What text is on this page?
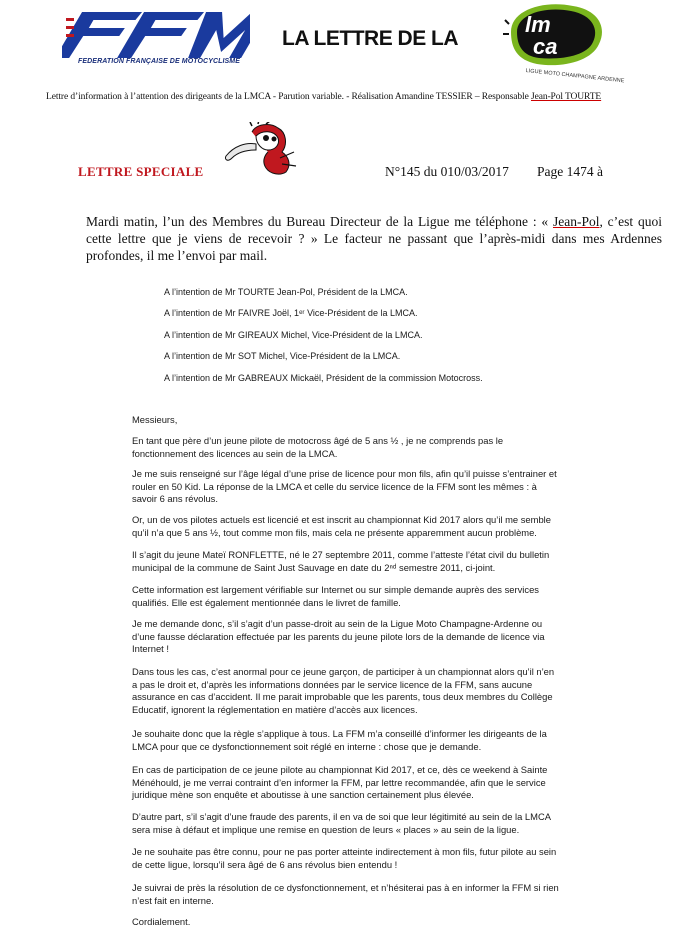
FEDERATION FRANÇAISE DE MOTOCYCLISME
LA LETTRE DE LA
lm
ca
LIGUE MOTO CHAMPAGNE ARDENNE
Lettre d’information à l’attention des dirigeants de la LMCA - Parution variable. - Réalisation Amandine TESSIER – Responsable Jean-Pol TOURTE
LETTRE SPECIALE	N°145 du 010/03/2017 Page 1474 à
Mardi matin, l’un des Membres du Bureau Directeur de la Ligue me téléphone : « Jean-Pol, c’est quoi cette lettre que je viens de recevoir ? » Le facteur ne passant que l’après-midi dans mes Ardennes profondes, il me l’envoi par mail.
A l’intention de Mr TOURTE Jean-Pol, Président de la LMCA.
A l’intention de Mr FAIVRE Joël, 1ᵉʳ Vice-Président de la LMCA.
A l’intention de Mr GIREAUX Michel, Vice-Président de la LMCA.
A l’intention de Mr SOT Michel, Vice-Président de la LMCA.
A l’intention de Mr GABREAUX Mickaël, Président de la commission Motocross.
Messieurs,
En tant que père d’un jeune pilote de motocross âgé de 5 ans ½ , je ne comprends pas le fonctionnement des licences au sein de la LMCA.
Je me suis renseigné sur l’âge légal d’une prise de licence pour mon fils, afin qu’il puisse s’entrainer et rouler en 50 Kid. La réponse de la LMCA et celle du service licence de la FFM sont les mêmes : à savoir 6 ans révolus.
Or, un de vos pilotes actuels est licencié et est inscrit au championnat Kid 2017 alors qu’il me semble qu’il n’a que 5 ans ½, tout comme mon fils, mais cela ne présente apparemment aucun problème.
Il s’agit du jeune Mateï RONFLETTE, né le 27 septembre 2011, comme l’atteste l’état civil du bulletin municipal de la commune de Saint Just Sauvage en date du 2ⁿᵈ semestre 2011, ci-joint.
Cette information est largement vérifiable sur Internet ou sur simple demande auprès des services qualifiés. Elle est également mentionnée dans le livret de famille.
Je me demande donc, s’il s’agit d’un passe-droit au sein de la Ligue Moto Champagne-Ardenne ou d’une fausse déclaration effectuée par les parents du jeune pilote lors de la demande de licence via Internet !
Dans tous les cas, c’est anormal pour ce jeune garçon, de participer à un championnat alors qu’il n’en a pas le droit et, d’après les informations données par le service licence de la FFM, sans aucune assurance en cas d’accident. Il me parait improbable que les parents, tous deux membres du Collège Educatif, ignorent la réglementation en matière d’accès aux licences.
Je souhaite donc que la règle s’applique à tous. La FFM m’a conseillé d’informer les dirigeants de la LMCA pour que ce dysfonctionnement soit réglé en interne : chose que je demande.
En cas de participation de ce jeune pilote au championnat Kid 2017, et ce, dès ce weekend à Sainte Ménéhould, je me verrai contraint d’en informer la FFM, par lettre recommandée, afin que le service juridique mène son enquête et aboutisse à une sanction certainement plus élevée.
D’autre part, s’il s’agit d’une fraude des parents, il en va de soi que leur légitimité au sein de la LMCA sera mise à défaut et implique une remise en question de leurs « places » au sein de la ligue.
Je ne souhaite pas être connu, pour ne pas porter atteinte indirectement à mon fils, futur pilote au sein de cette ligue, lorsqu’il sera âgé de 6 ans révolus bien entendu !
Je suivrai de près la résolution de ce dysfonctionnement, et n’hésiterai pas à en informer la FFM si rien n’est fait en interne.
Cordialement.
